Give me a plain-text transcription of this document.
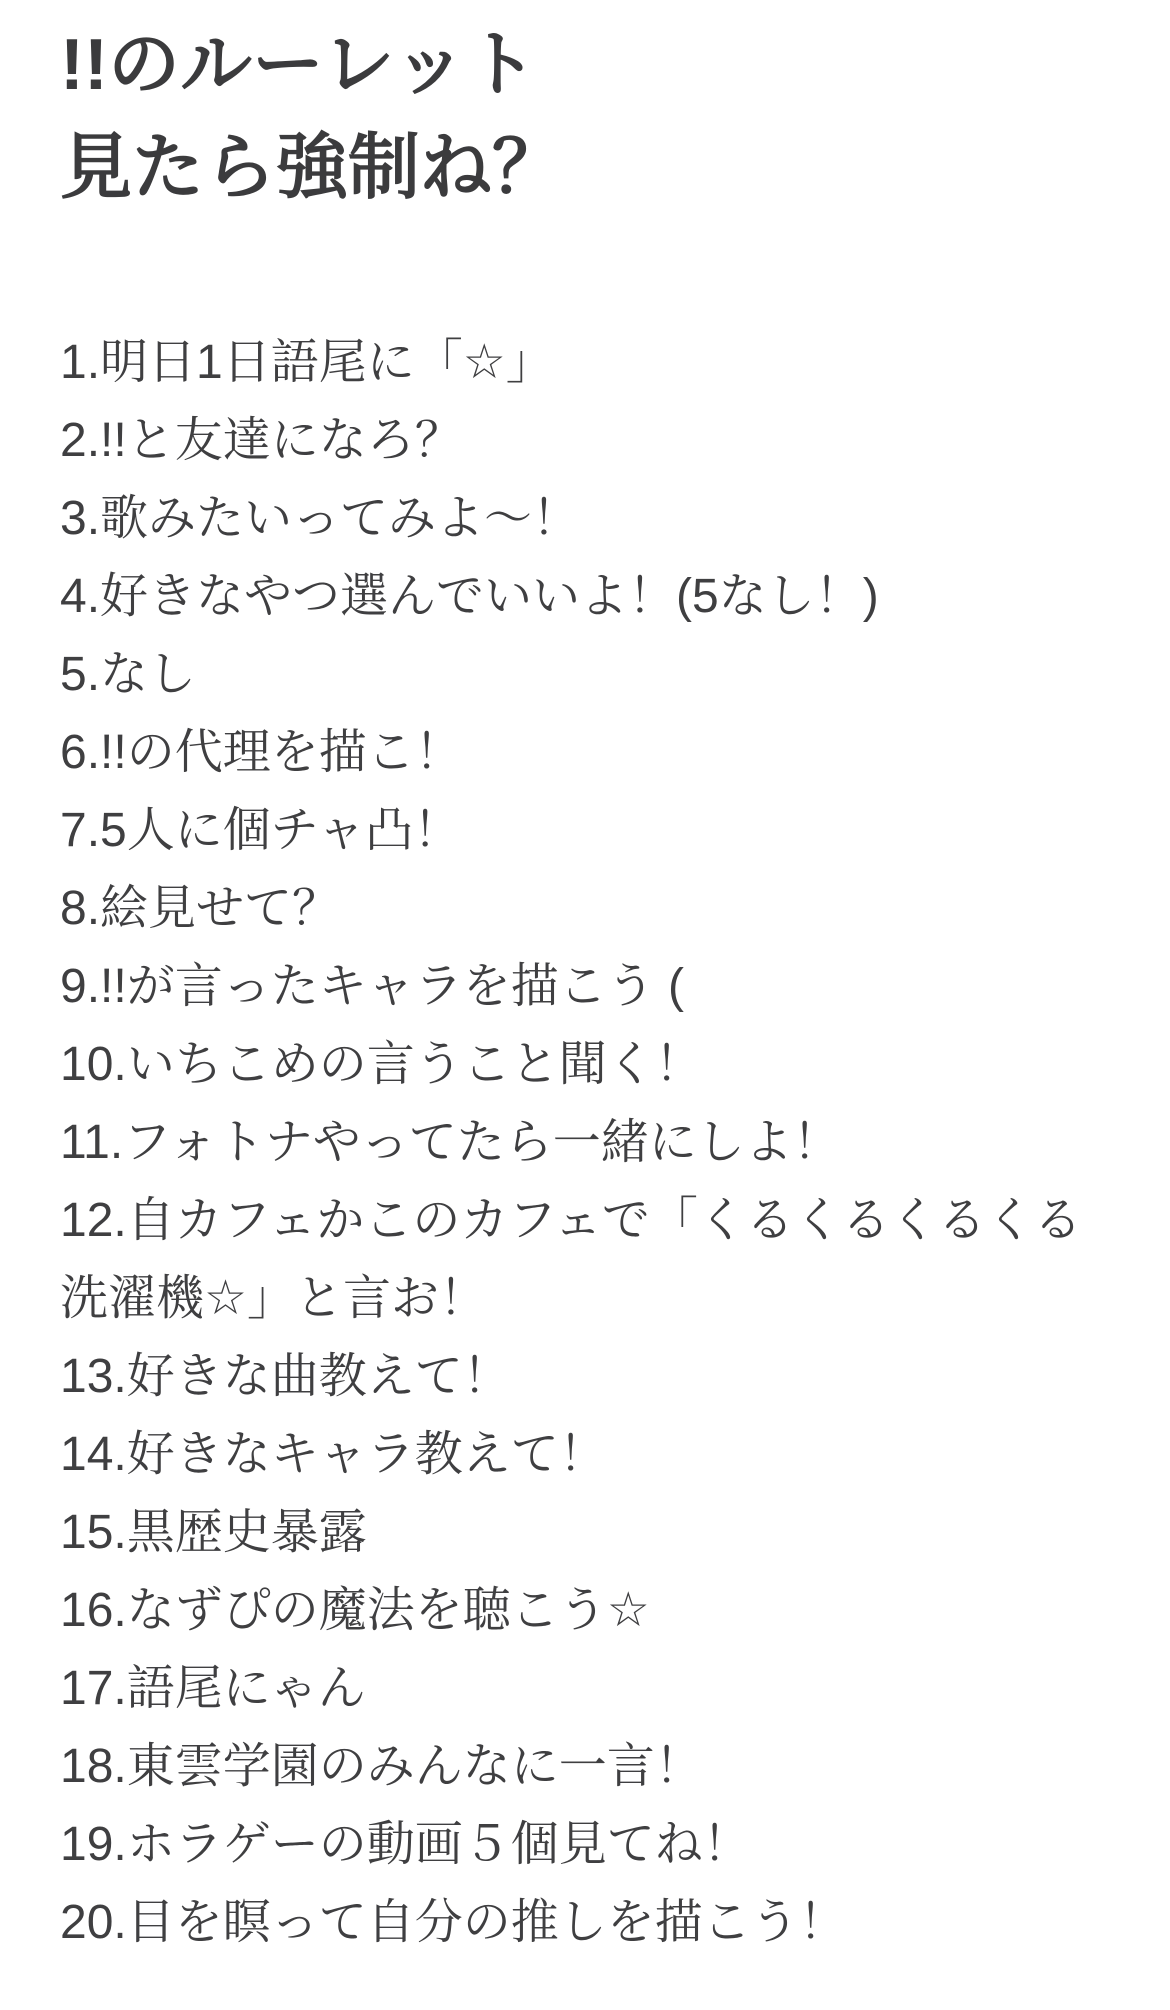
!!のルーレット
見たら強制ね？
1.明日1日語尾に「☆」
2.!!と友達になろ？
3.歌みたいってみよ～！
4.好きなやつ選んでいいよ！(5なし！)
5.なし
6.!!の代理を描こ！
7.5人に個チャ凸！
8.絵見せて？
9.!!が言ったキャラを描こう (
10.いちこめの言うこと聞く！
11.フォトナやってたら一緒にしよ！
12.自カフェかこのカフェで「くるくるくるくる洗濯機☆」と言お！
13.好きな曲教えて！
14.好きなキャラ教えて！
15.黒歴史暴露
16.なずぴの魔法を聴こう☆
17.語尾にゃん
18.東雲学園のみんなに一言！
19.ホラゲーの動画５個見てね！
20.目を瞑って自分の推しを描こう！
